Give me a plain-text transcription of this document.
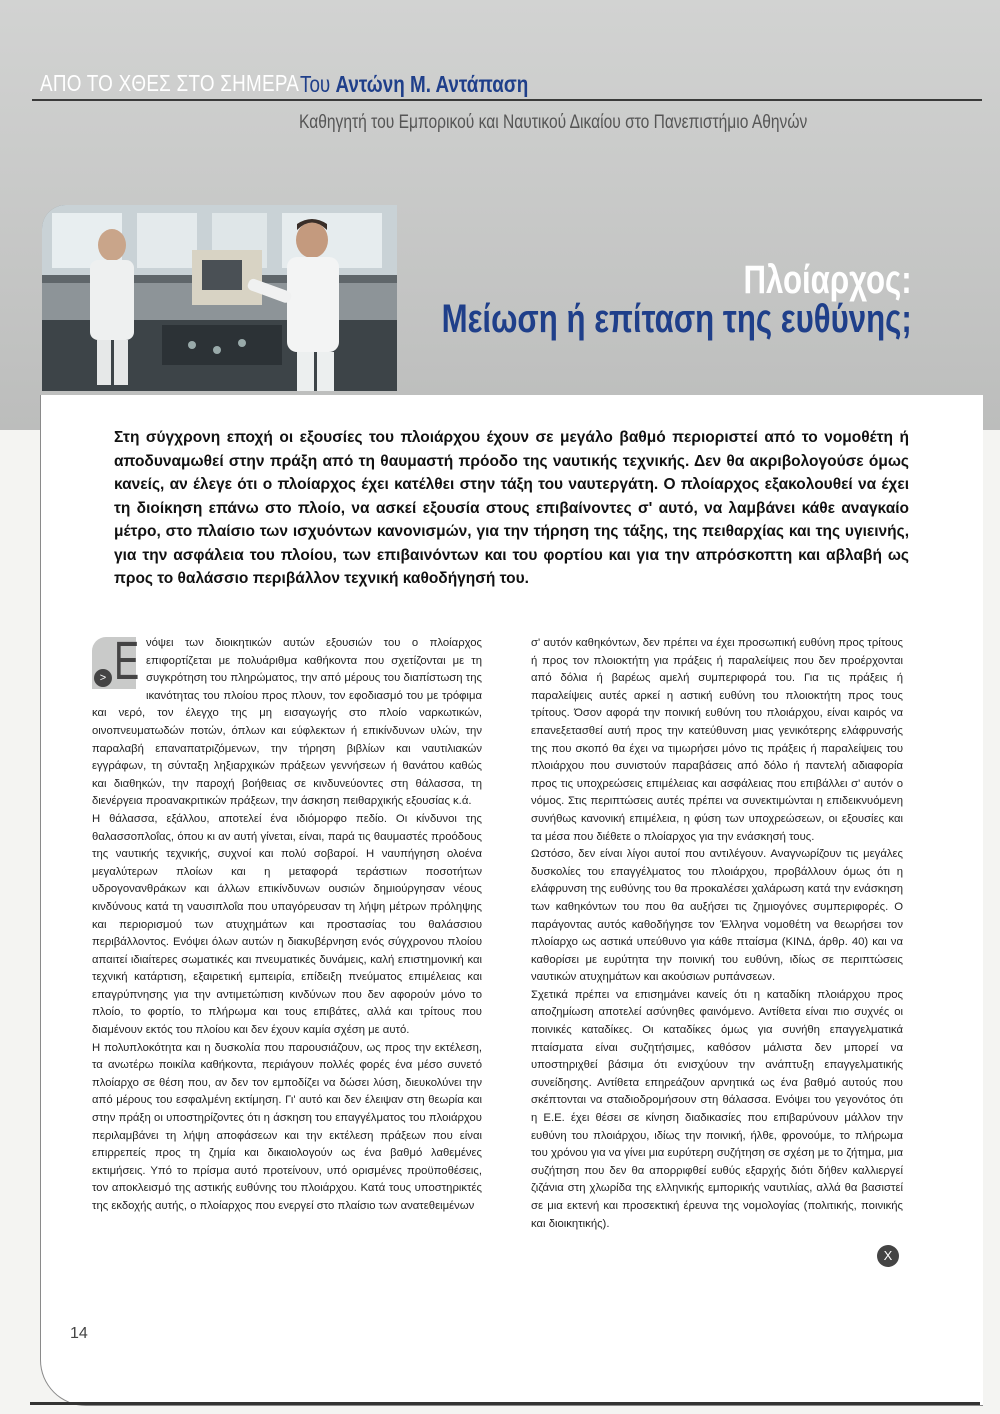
ΑΠΟ ΤΟ ΧΘΕΣ ΣΤΟ ΣΗΜΕΡΑ Του Αντώνη Μ. Αντάπαση
Καθηγητή του Εμπορικού και Ναυτικού Δικαίου στο Πανεπιστήμιο Αθηνών
Πλοίαρχος:
Μείωση ή επίταση της ευθύνης;
Στη σύγχρονη εποχή οι εξουσίες του πλοιάρχου έχουν σε μεγάλο βαθμό περιοριστεί από το νομοθέτη ή αποδυναμωθεί στην πράξη από τη θαυμαστή πρόοδο της ναυτικής τεχνικής. Δεν θα ακριβολογούσε όμως κανείς, αν έλεγε ότι ο πλοίαρχος έχει κατέλθει στην τάξη του ναυτεργάτη. Ο πλοίαρχος εξακολουθεί να έχει τη διοίκηση επάνω στο πλοίο, να ασκεί εξουσία στους επιβαίνοντες σ' αυτό, να λαμβάνει κάθε αναγκαίο μέτρο, στο πλαίσιο των ισχυόντων κανονισμών, για την τήρηση της τάξης, της πειθαρχίας και της υγιεινής, για την ασφάλεια του πλοίου, των επιβαινόντων και του φορτίου και για την απρόσκοπτη και αβλαβή ως προς το θαλάσσιο περιβάλλον τεχνική καθοδήγησή του.
Ε
>

νόψει των διοικητικών αυτών εξουσιών του ο πλοίαρχος επιφορτίζεται με πολυάριθμα καθήκοντα που σχετίζονται με τη συγκρότηση του πληρώματος, την από μέρους του διαπίστωση της ικανότητας του πλοίου προς πλουν, τον εφοδιασμό του με τρόφιμα και νερό, τον έλεγχο της μη εισαγωγής στο πλοίο ναρκωτικών, οινοπνευματωδών ποτών, όπλων και εύφλεκτων ή επικίνδυνων υλών, την παραλαβή επαναπατριζόμενων, την τήρηση βιβλίων και ναυτιλιακών εγγράφων, τη σύνταξη ληξιαρχικών πράξεων γεννήσεων ή θανάτου καθώς και διαθηκών, την παροχή βοήθειας σε κινδυνεύοντες στη θάλασσα, τη διενέργεια προανακριτικών πράξεων, την άσκηση πειθαρχικής εξουσίας κ.ά.

Η θάλασσα, εξάλλου, αποτελεί ένα ιδιόμορφο πεδίο. Οι κίνδυνοι της θαλασσοπλοΐας, όπου κι αν αυτή γίνεται, είναι, παρά τις θαυμαστές προόδους της ναυτικής τεχνικής, συχνοί και πολύ σοβαροί. Η ναυπήγηση ολοένα μεγαλύτερων πλοίων και η μεταφορά τεράστιων ποσοτήτων υδρογονανθράκων και άλλων επικίνδυνων ουσιών δημιούργησαν νέους κινδύνους κατά τη ναυσιπλοΐα που υπαγόρευσαν τη λήψη μέτρων πρόληψης και περιορισμού των ατυχημάτων και προστασίας του θαλάσσιου περιβάλλοντος. Ενόψει όλων αυτών η διακυβέρνηση ενός σύγχρονου πλοίου απαιτεί ιδιαίτερες σωματικές και πνευματικές δυνάμεις, καλή επιστημονική και τεχνική κατάρτιση, εξαιρετική εμπειρία, επίδειξη πνεύματος επιμέλειας και επαγρύπνησης για την αντιμετώπιση κινδύνων που δεν αφορούν μόνο το πλοίο, το φορτίο, το πλήρωμα και τους επιβάτες, αλλά και τρίτους που διαμένουν εκτός του πλοίου και δεν έχουν καμία σχέση με αυτό.

Η πολυπλοκότητα και η δυσκολία που παρουσιάζουν, ως προς την εκτέλεση, τα ανωτέρω ποικίλα καθήκοντα, περιάγουν πολλές φορές ένα μέσο συνετό πλοίαρχο σε θέση που, αν δεν τον εμποδίζει να δώσει λύση, διευκολύνει την από μέρους του εσφαλμένη εκτίμηση. Γι' αυτό και δεν έλειψαν στη θεωρία και στην πράξη οι υποστηρίζοντες ότι η άσκηση του επαγγέλματος του πλοιάρχου περιλαμβάνει τη λήψη αποφάσεων και την εκτέλεση πράξεων που είναι επιρρεπείς προς τη ζημία και δικαιολογούν ως ένα βαθμό λαθεμένες εκτιμήσεις. Υπό το πρίσμα αυτό προτείνουν, υπό ορισμένες προϋποθέσεις, τον αποκλεισμό της αστικής ευθύνης του πλοιάρχου. Κατά τους υποστηρικτές της εκδοχής αυτής, ο πλοίαρχος που ενεργεί στο πλαίσιο των ανατεθειμένων

σ' αυτόν καθηκόντων, δεν πρέπει να έχει προσωπική ευθύνη προς τρίτους ή προς τον πλοιοκτήτη για πράξεις ή παραλείψεις που δεν προέρχονται από δόλια ή βαρέως αμελή συμπεριφορά του. Για τις πράξεις ή παραλείψεις αυτές αρκεί η αστική ευθύνη του πλοιοκτήτη προς τους τρίτους. Όσον αφορά την ποινική ευθύνη του πλοιάρχου, είναι καιρός να επανεξετασθεί αυτή προς την κατεύθυνση μιας γενικότερης ελάφρυνσής της που σκοπό θα έχει να τιμωρήσει μόνο τις πράξεις ή παραλείψεις του πλοιάρχου που συνιστούν παραβάσεις από δόλο ή παντελή αδιαφορία προς τις υποχρεώσεις επιμέλειας και ασφάλειας που επιβάλλει σ' αυτόν ο νόμος. Στις περιπτώσεις αυτές πρέπει να συνεκτιμώνται η επιδεικνυόμενη συνήθως κανονική επιμέλεια, η φύση των υποχρεώσεων, οι εξουσίες και τα μέσα που διέθετε ο πλοίαρχος για την ενάσκησή τους.

Ωστόσο, δεν είναι λίγοι αυτοί που αντιλέγουν. Αναγνωρίζουν τις μεγάλες δυσκολίες του επαγγέλματος του πλοιάρχου, προβάλλουν όμως ότι η ελάφρυνση της ευθύνης του θα προκαλέσει χαλάρωση κατά την ενάσκηση των καθηκόντων του που θα αυξήσει τις ζημιογόνες συμπεριφορές. Ο παράγοντας αυτός καθοδήγησε τον Έλληνα νομοθέτη να θεωρήσει τον πλοίαρχο ως αστικά υπεύθυνο για κάθε πταίσμα (ΚΙΝΔ, άρθρ. 40) και να καθορίσει με ευρύτητα την ποινική του ευθύνη, ιδίως σε περιπτώσεις ναυτικών ατυχημάτων και ακούσιων ρυπάνσεων.

Σχετικά πρέπει να επισημάνει κανείς ότι η καταδίκη πλοιάρχου προς αποζημίωση αποτελεί ασύνηθες φαινόμενο. Αντίθετα είναι πιο συχνές οι ποινικές καταδίκες. Οι καταδίκες όμως για συνήθη επαγγελματικά πταίσματα είναι συζητήσιμες, καθόσον μάλιστα δεν μπορεί να υποστηριχθεί βάσιμα ότι ενισχύουν την ανάπτυξη επαγγελματικής συνείδησης. Αντίθετα επηρεάζουν αρνητικά ως ένα βαθμό αυτούς που σκέπτονται να σταδιοδρομήσουν στη θάλασσα. Ενόψει του γεγονότος ότι η Ε.Ε. έχει θέσει σε κίνηση διαδικασίες που επιβαρύνουν μάλλον την ευθύνη του πλοιάρχου, ιδίως την ποινική, ήλθε, φρονούμε, το πλήρωμα του χρόνου για να γίνει μια ευρύτερη συζήτηση σε σχέση με το ζήτημα, μια συζήτηση που δεν θα απορριφθεί ευθύς εξαρχής διότι δήθεν καλλιεργεί ζιζάνια στη χλωρίδα της ελληνικής εμπορικής ναυτιλίας, αλλά θα βασιστεί σε μια εκτενή και προσεκτική έρευνα της νομολογίας (πολιτικής, ποινικής και διοικητικής).

X
14
